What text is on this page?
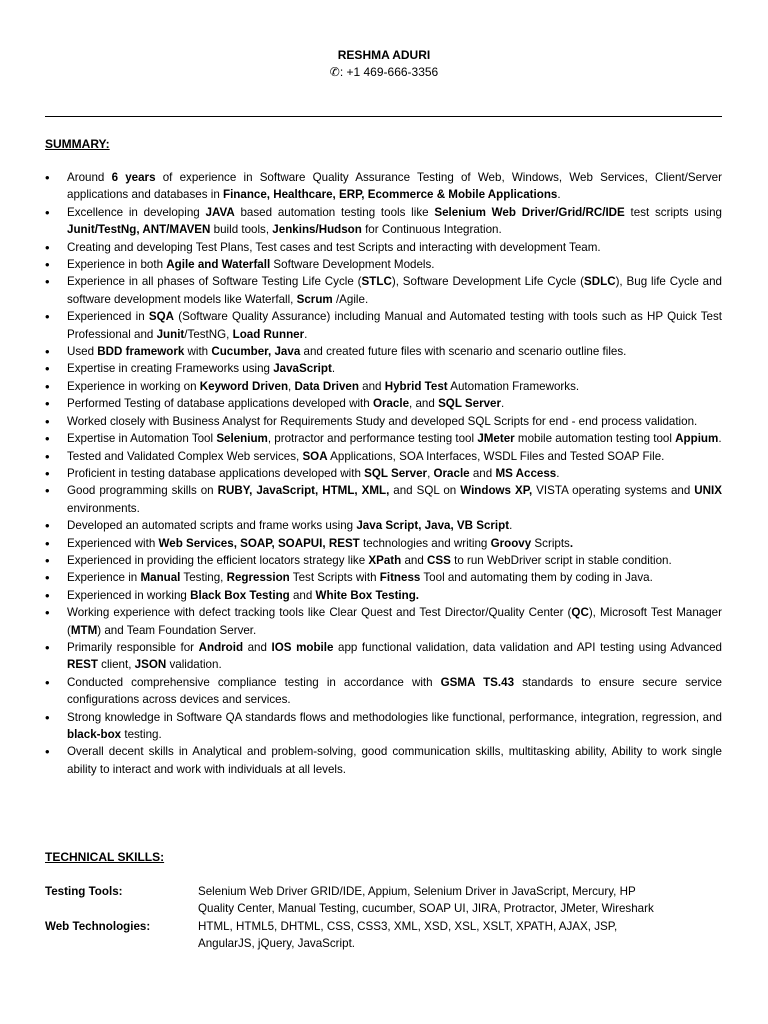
RESHMA ADURI
✆: +1 469-666-3356
SUMMARY:
• Around 6 years of experience in Software Quality Assurance Testing of Web, Windows, Web Services, Client/Server applications and databases in Finance, Healthcare, ERP, Ecommerce & Mobile Applications.
• Excellence in developing JAVA based automation testing tools like Selenium Web Driver/Grid/RC/IDE test scripts using Junit/TestNg, ANT/MAVEN build tools, Jenkins/Hudson for Continuous Integration.
• Creating and developing Test Plans, Test cases and test Scripts and interacting with development Team.
• Experience in both Agile and Waterfall Software Development Models.
• Experience in all phases of Software Testing Life Cycle (STLC), Software Development Life Cycle (SDLC), Bug life Cycle and software development models like Waterfall, Scrum /Agile.
• Experienced in SQA (Software Quality Assurance) including Manual and Automated testing with tools such as HP Quick Test Professional and Junit/TestNG, Load Runner.
• Used BDD framework with Cucumber, Java and created future files with scenario and scenario outline files.
• Expertise in creating Frameworks using JavaScript.
• Experience in working on Keyword Driven, Data Driven and Hybrid Test Automation Frameworks.
• Performed Testing of database applications developed with Oracle, and SQL Server.
• Worked closely with Business Analyst for Requirements Study and developed SQL Scripts for end - end process validation.
• Expertise in Automation Tool Selenium, protractor and performance testing tool JMeter mobile automation testing tool Appium.
• Tested and Validated Complex Web services, SOA Applications, SOA Interfaces, WSDL Files and Tested SOAP File.
• Proficient in testing database applications developed with SQL Server, Oracle and MS Access.
• Good programming skills on RUBY, JavaScript, HTML, XML, and SQL on Windows XP, VISTA operating systems and UNIX environments.
• Developed an automated scripts and frame works using Java Script, Java, VB Script.
• Experienced with Web Services, SOAP, SOAPUI, REST technologies and writing Groovy Scripts.
• Experienced in providing the efficient locators strategy like XPath and CSS to run WebDriver script in stable condition.
• Experience in Manual Testing, Regression Test Scripts with Fitness Tool and automating them by coding in Java.
• Experienced in working Black Box Testing and White Box Testing.
• Working experience with defect tracking tools like Clear Quest and Test Director/Quality Center (QC), Microsoft Test Manager (MTM) and Team Foundation Server.
• Primarily responsible for Android and IOS mobile app functional validation, data validation and API testing using Advanced REST client, JSON validation.
• Conducted comprehensive compliance testing in accordance with GSMA TS.43 standards to ensure secure service configurations across devices and services.
• Strong knowledge in Software QA standards flows and methodologies like functional, performance, integration, regression, and black-box testing.
• Overall decent skills in Analytical and problem-solving, good communication skills, multitasking ability, Ability to work single ability to interact and work with individuals at all levels.
TECHNICAL SKILLS:
Testing Tools:	Selenium Web Driver GRID/IDE, Appium, Selenium Driver in JavaScript, Mercury, HP Quality Center, Manual Testing, cucumber, SOAP UI, JIRA, Protractor, JMeter, Wireshark
Web Technologies:	HTML, HTML5, DHTML, CSS, CSS3, XML, XSD, XSL, XSLT, XPATH, AJAX, JSP, AngularJS, jQuery, JavaScript.
